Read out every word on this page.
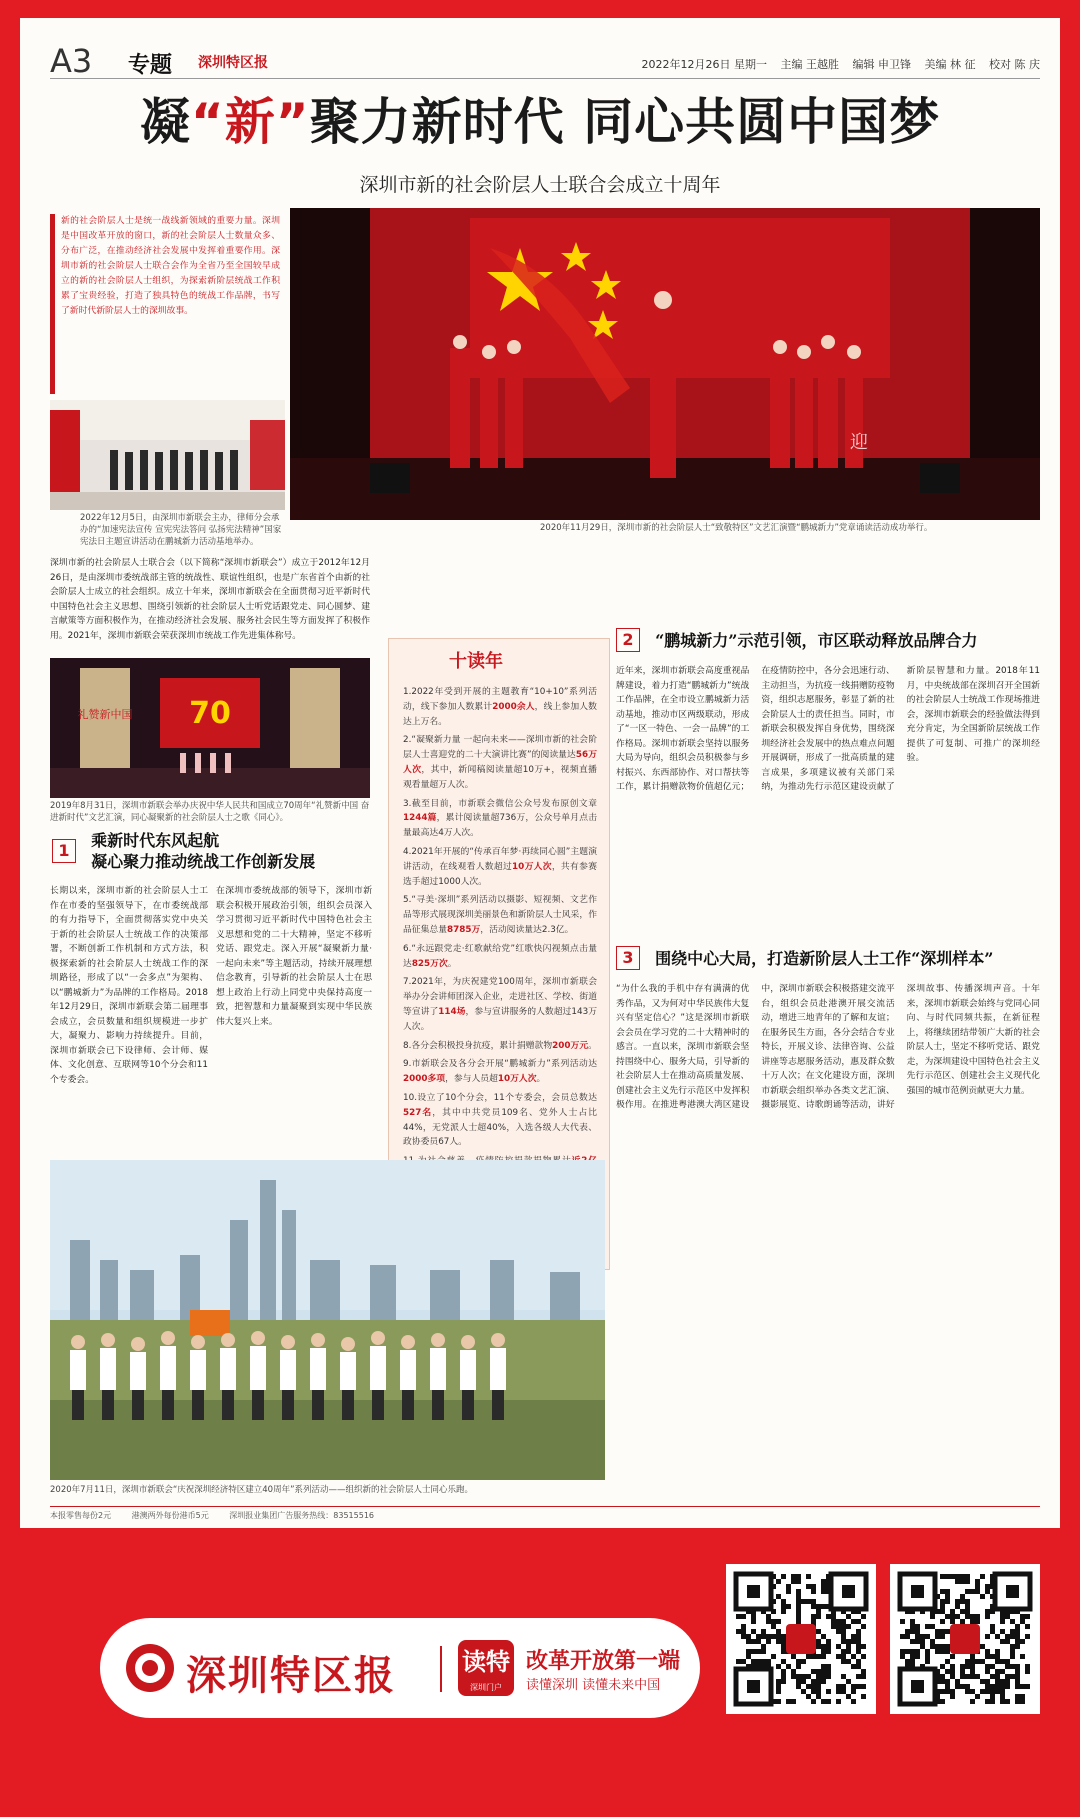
A3 专题 深圳特区报	2022年12月26日 星期一 主编 王越胜 编辑 申卫锋 美编 林 征 校对 陈 庆
凝“新”聚力新时代 同心共圆中国梦
深圳市新的社会阶层人士联合会成立十周年
新的社会阶层人士是统一战线新领域的重要力量。深圳是中国改革开放的窗口，新的社会阶层人士数量众多、分布广泛，在推动经济社会发展中发挥着重要作用。深圳市新的社会阶层人士联合会作为全省乃至全国较早成立的新的社会阶层人士组织，为探索新阶层统战工作积累了宝贵经验，打造了独具特色的统战工作品牌，书写了新时代新阶层人士的深圳故事。
迎
2020年11月29日，深圳市新的社会阶层人士“致敬特区”文艺汇演暨“鹏城新力”党章诵读活动成功举行。
2022年12月5日，由深圳市新联会主办，律师分会承办的“加速宪法宣传 宣宪宪法答问 弘扬宪法精神”国家宪法日主题宣讲活动在鹏城新力活动基地举办。
深圳市新的社会阶层人士联合会（以下简称“深圳市新联会”）成立于2012年12月26日，是由深圳市委统战部主管的统战性、联谊性组织，也是广东省首个由新的社会阶层人士成立的社会组织。成立十年来，深圳市新联会在全面贯彻习近平新时代中国特色社会主义思想、围绕引领新的社会阶层人士听党话跟党走、同心圆梦、建言献策等方面积极作为，在推动经济社会发展、服务社会民生等方面发挥了积极作用。2021年，深圳市新联会荣获深圳市统战工作先进集体称号。
70
礼赞新中国
2019年8月31日，深圳市新联会举办庆祝中华人民共和国成立70周年“礼赞新中国 奋进新时代”文艺汇演，同心凝聚新的社会阶层人士之歌《同心》。
1 乘新时代东风起航
凝心聚力推动统战工作创新发展
长期以来，深圳市新的社会阶层人士工作在市委的坚强领导下，在市委统战部的有力指导下，全面贯彻落实党中央关于新的社会阶层人士统战工作的决策部署，不断创新工作机制和方式方法，积极探索新的社会阶层人士统战工作的深圳路径，形成了以“一会多点”为架构、以“鹏城新力”为品牌的工作格局。2018年12月29日，深圳市新联会第二届理事会成立，会员数量和组织规模进一步扩大，凝聚力、影响力持续提升。目前，深圳市新联会已下设律师、会计师、媒体、文化创意、互联网等10个分会和11个专委会。
在深圳市委统战部的领导下，深圳市新联会积极开展政治引领，组织会员深入学习贯彻习近平新时代中国特色社会主义思想和党的二十大精神，坚定不移听党话、跟党走。深入开展“凝聚新力量·一起向未来”等主题活动，持续开展理想信念教育，引导新的社会阶层人士在思想上政治上行动上同党中央保持高度一致，把智慧和力量凝聚到实现中华民族伟大复兴上来。
十读年
1.2022年受到开展的主题教育“10+10”系列活动，线下参加人数累计2000余人，线上参加人数达上万名。
2.“凝聚新力量 一起向未来——深圳市新的社会阶层人士喜迎党的二十大演讲比赛”的阅读量达56万人次，其中，新闻稿阅读量超10万+，视频直播观看量超万人次。
3.截至目前，市新联会微信公众号发布原创文章1244篇，累计阅读量超736万，公众号单月点击量最高达4万人次。
4.2021年开展的“传承百年梦·再续同心圆”主题演讲活动，在线观看人数超过10万人次，共有参赛选手超过1000人次。
5.“寻美·深圳”系列活动以摄影、短视频、文艺作品等形式展现深圳美丽景色和新阶层人士风采，作品征集总量8785万，活动阅读量达2.3亿。
6.“永远跟党走·红歌献给党”红歌快闪视频点击量达825万次。
7.2021年，为庆祝建党100周年，深圳市新联会举办分会讲师团深入企业，走进社区、学校、街道等宣讲了114场，参与宣讲服务的人数超过143万人次。
8.各分会积极投身抗疫，累计捐赠款物200万元。
9.市新联会及各分会开展“鹏城新力”系列活动达2000多项，参与人员超10万人次。
10.设立了10个分会，11个专委会，会员总数达527名，其中中共党员109名、党外人士占比44%，无党派人士超40%，入选各级人大代表、政协委员67人。
2 “鹏城新力”示范引领，市区联动释放品牌合力
近年来，深圳市新联会高度重视品牌建设，着力打造“鹏城新力”统战工作品牌，在全市设立鹏城新力活动基地，推动市区两级联动，形成了“一区一特色、一会一品牌”的工作格局。深圳市新联会坚持以服务大局为导向，组织会员积极参与乡村振兴、东西部协作、对口帮扶等工作，累计捐赠款物价值超亿元；在疫情防控中，各分会迅速行动、主动担当，为抗疫一线捐赠防疫物资，组织志愿服务，彰显了新的社会阶层人士的责任担当。同时，市新联会积极发挥自身优势，围绕深圳经济社会发展中的热点难点问题开展调研，形成了一批高质量的建言成果，多项建议被有关部门采纳，为推动先行示范区建设贡献了新阶层智慧和力量。2018年11月，中央统战部在深圳召开全国新的社会阶层人士统战工作现场推进会，深圳市新联会的经验做法得到充分肯定，为全国新阶层统战工作提供了可复制、可推广的深圳经验。
3 围绕中心大局，打造新阶层人士工作“深圳样本”
“为什么我的手机中存有满满的优秀作品，又为何对中华民族伟大复兴有坚定信心？”这是深圳市新联会会员在学习党的二十大精神时的感言。一直以来，深圳市新联会坚持围绕中心、服务大局，引导新的社会阶层人士在推动高质量发展、创建社会主义先行示范区中发挥积极作用。在推进粤港澳大湾区建设中，深圳市新联会积极搭建交流平台，组织会员赴港澳开展交流活动，增进三地青年的了解和友谊；在服务民生方面，各分会结合专业特长，开展义诊、法律咨询、公益讲座等志愿服务活动，惠及群众数十万人次；在文化建设方面，深圳市新联会组织举办各类文艺汇演、摄影展览、诗歌朗诵等活动，讲好深圳故事、传播深圳声音。十年来，深圳市新联会始终与党同心同向、与时代同频共振，在新征程上，将继续团结带领广大新的社会阶层人士，坚定不移听党话、跟党走，为深圳建设中国特色社会主义先行示范区、创建社会主义现代化强国的城市范例贡献更大力量。
2020年7月11日，深圳市新联会“庆祝深圳经济特区建立40周年”系列活动——组织新的社会阶层人士同心乐跑。
本报零售每份2元	港澳两外每份港币5元	深圳报业集团广告服务热线：83515516
深圳特区报	读特
深圳门户
改革开放第一端
读懂深圳 读懂未来中国
